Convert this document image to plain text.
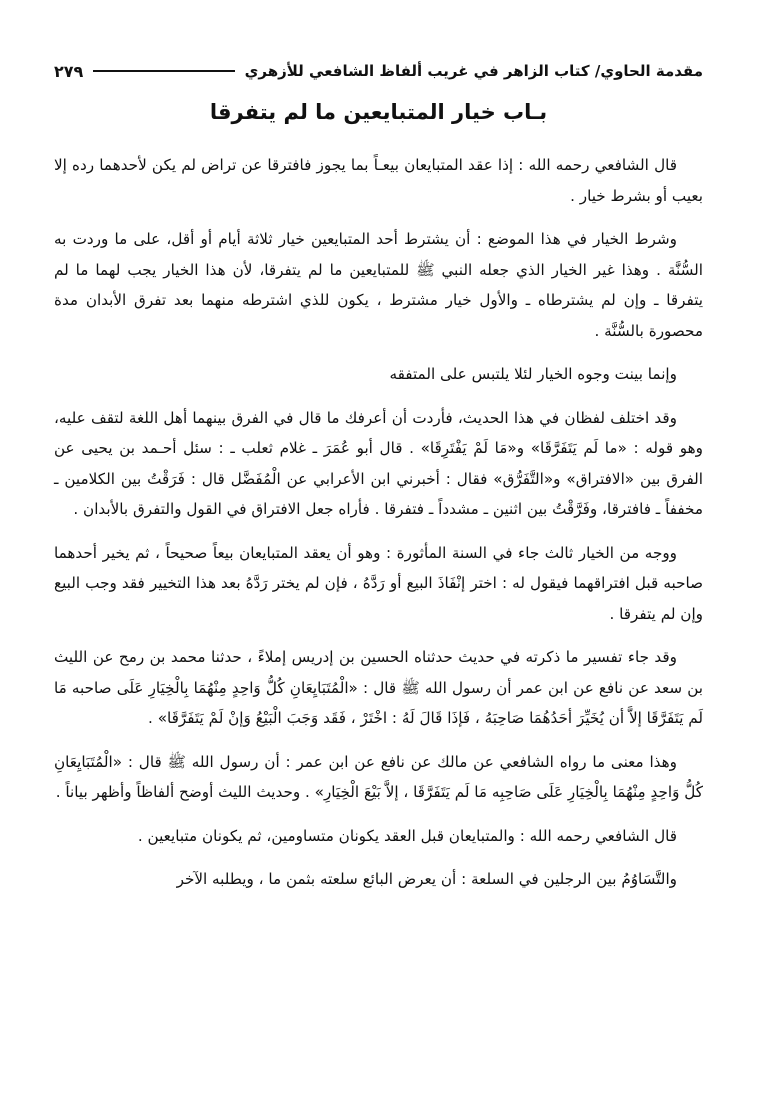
مقدمة الحاوي/ كتاب الزاهر في غريب ألفاظ الشافعي للأزهري
٢٧٩
بـاب خيار المتبايعين ما لم يتفرقا

قال الشافعي رحمه الله : إذا عقد المتبايعان بيعـاً بما يجوز فافترقا عن تراض لم يكن لأحدهما رده إلا بعيب أو بشرط خيار .

وشرط الخيار في هذا الموضع : أن يشترط أحد المتبايعين خيار ثلاثة أيام أو أقل، على ما وردت به السُّنَّة . وهذا غير الخيار الذي جعله النبي ﷺ للمتبايعين ما لم يتفرقا، لأن هذا الخيار يجب لهما ما لم يتفرقا ـ وإن لم يشترطاه ـ والأول خيار مشترط ، يكون للذي اشترطه منهما بعد تفرق الأبدان مدة محصورة بالسُّنَّة .

وإنما بينت وجوه الخيار لئلا يلتبس على المتفقه

وقد اختلف لفظان في هذا الحديث، فأردت أن أعرفك ما قال في الفرق بينهما أهل اللغة لتقف عليه، وهو قوله : «ما لَم يَتَفَرَّقَا» و«مَا لَمْ يَفْتَرِقَا» . قال أبو عُمَرَ ـ غلام ثعلب ـ : سئل أحـمد بن يحيى عن الفرق بين «الافتراق» و«التَّفَرُّق» فقال : أخبرني ابن الأعرابي عن الْمُفَضَّل قال : فَرَقْتُ بين الكلامين ـ مخففاً ـ فافترقا، وفَرَّقْتُ بين اثنين ـ مشدداً ـ فتفرقا . فأراه جعل الافتراق في القول والتفرق بالأبدان .

ووجه من الخيار ثالث جاء في السنة المأثورة : وهو أن يعقد المتبايعان بيعاً صحيحاً ، ثم يخير أحدهما صاحبه قبل افتراقهما فيقول له : اختر إنْفَاذَ البيع أو رَدَّهُ ، فإن لم يختر رَدَّهُ بعد هذا التخيير فقد وجب البيع وإن لم يتفرقا .

وقد جاء تفسير ما ذكرته في حديث حدثناه الحسين بن إدريس إملاءً ، حدثنا محمد بن رمح عن الليث بن سعد عن نافع عن ابن عمر أن رسول الله ﷺ قال : «الْمُتَبَايِعَانِ كُلُّ وَاحِدٍ مِنْهُمَا بِالْخِيَارِ عَلَى صاحبه مَا لَم يَتَفَرَّقَا إلاَّ أن يُخَيِّرَ أحَدُهُمَا صَاحِبَهُ ، فَإذَا قَالَ لَهُ : اخْتَرْ ، فَقَد وَجَبَ الْبَيْعُ وَإنْ لَمْ يَتَفَرَّقَا» .

وهذا معنى ما رواه الشافعي عن مالك عن نافع عن ابن عمر : أن رسول الله ﷺ قال : «الْمُتَبَايِعَانِ كُلُّ وَاحِدٍ مِنْهُمَا بِالْخِيَارِ عَلَى صَاحِبِه مَا لَم يَتَفَرَّقَا ، إلاَّ بَيْعَ الْخِيَارِ» . وحديث الليث أوضح ألفاظاً وأظهر بياناً .

قال الشافعي رحمه الله : والمتبايعان قبل العقد يكونان متساومين، ثم يكونان متبايعين .

والتَّسَاوُمُ بين الرجلين في السلعة : أن يعرض البائع سلعته بثمن ما ، ويطلبه الآخر
